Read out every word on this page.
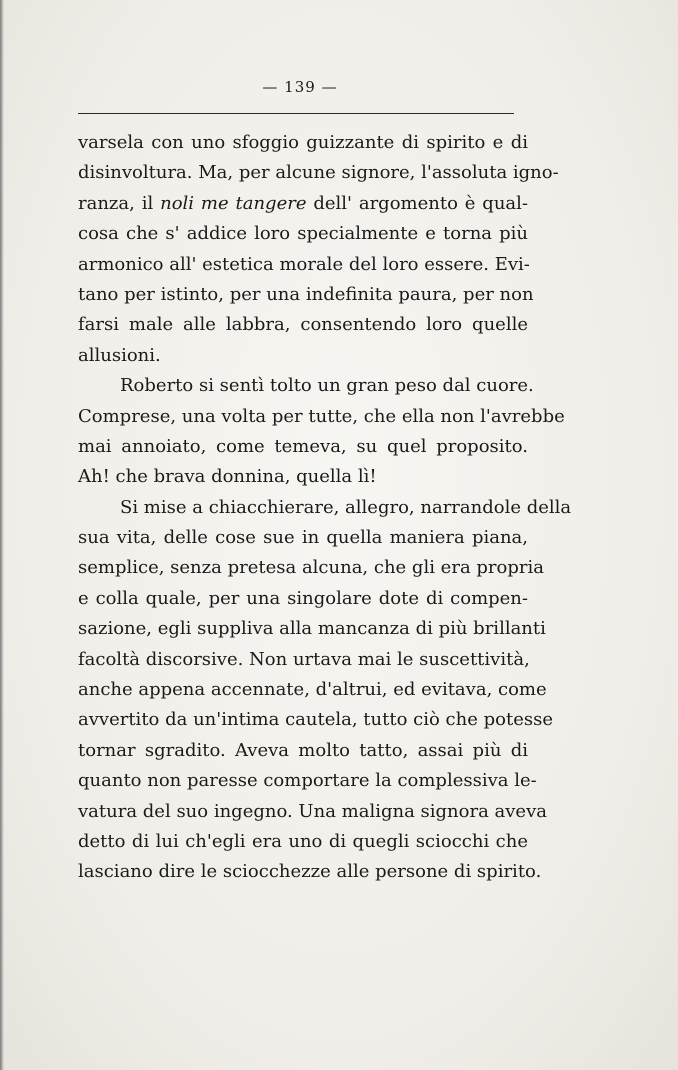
— 139 —
varsela con uno sfoggio guizzante di spirito e di
disinvoltura. Ma, per alcune signore, l'assoluta igno-
ranza, il noli me tangere dell' argomento è qual-
cosa che s' addice loro specialmente e torna più
armonico all' estetica morale del loro essere. Evi-
tano per istinto, per una indefinita paura, per non
farsi male alle labbra, consentendo loro quelle
allusioni.
Roberto si sentì tolto un gran peso dal cuore.
Comprese, una volta per tutte, che ella non l'avrebbe
mai annoiato, come temeva, su quel proposito.
Ah! che brava donnina, quella lì!
Si mise a chiacchierare, allegro, narrandole della
sua vita, delle cose sue in quella maniera piana,
semplice, senza pretesa alcuna, che gli era propria
e colla quale, per una singolare dote di compen-
sazione, egli suppliva alla mancanza di più brillanti
facoltà discorsive. Non urtava mai le suscettività,
anche appena accennate, d'altrui, ed evitava, come
avvertito da un'intima cautela, tutto ciò che potesse
tornar sgradito. Aveva molto tatto, assai più di
quanto non paresse comportare la complessiva le-
vatura del suo ingegno. Una maligna signora aveva
detto di lui ch'egli era uno di quegli sciocchi che
lasciano dire le sciocchezze alle persone di spirito.
